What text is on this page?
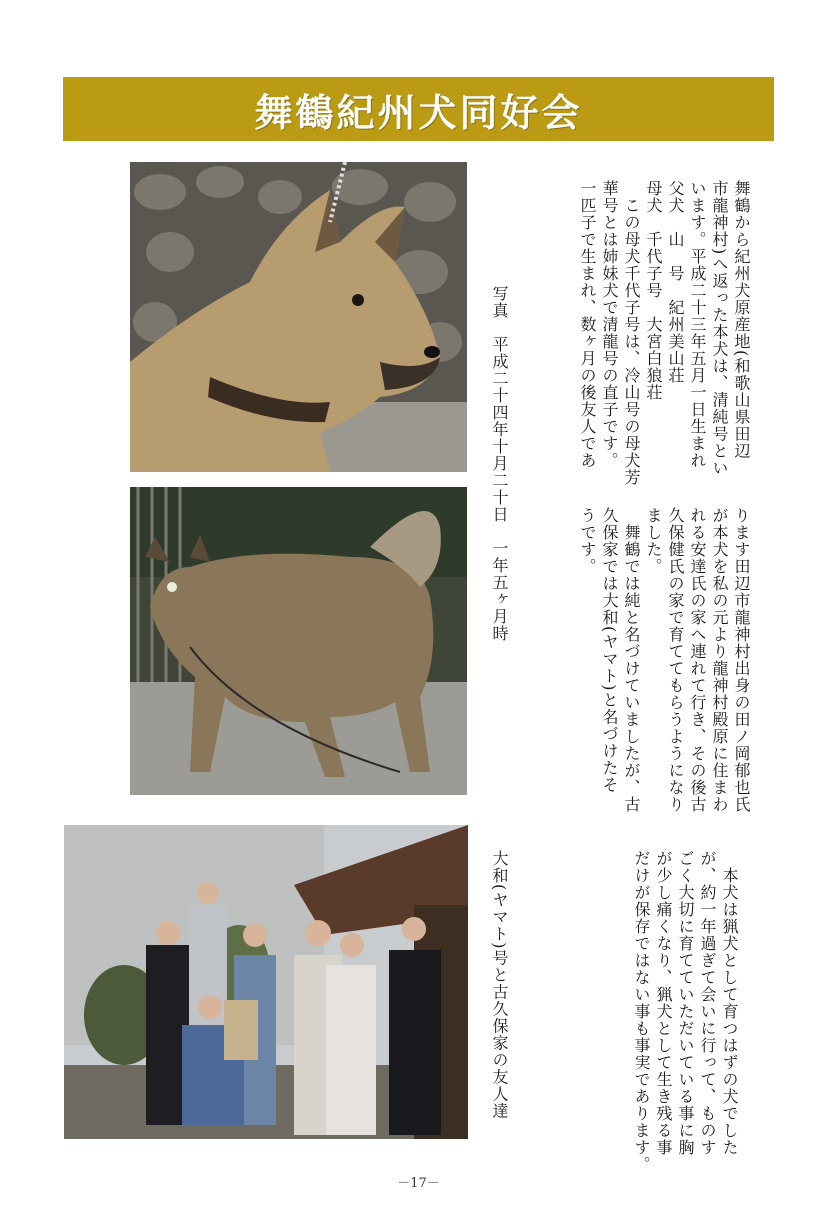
舞鶴紀州犬同好会
写真　平成二十四年十月二十日　一年五ヶ月時
大和(ヤマト)号と古久保家の友人達
舞鶴から紀州犬原産地(和歌山県田辺
市龍神村)へ返った本犬は、清純号とい
います。平成二十三年五月一日生まれ
父犬　山　号　紀州美山荘
母犬　千代子号　大宮白狼荘
　この母犬千代子号は、冷山号の母犬芳
華号とは姉妹犬で清龍号の直子です。
一匹子で生まれ、数ヶ月の後友人であ
ります田辺市龍神村出身の田ノ岡郁也氏
が本犬を私の元より龍神村殿原に住まわ
れる安達氏の家へ連れて行き、その後古
久保健氏の家で育ててもらうようになり
ました。
　舞鶴では純と名づけていましたが、古
久保家では大和(ヤマト)と名づけたそ
うです。
　本犬は猟犬として育つはずの犬でした
が、約一年過ぎて会いに行って、ものす
ごく大切に育てていただいている事に胸
が少し痛くなり、猟犬として生き残る事
だけが保存ではない事も事実であります。
－17－
